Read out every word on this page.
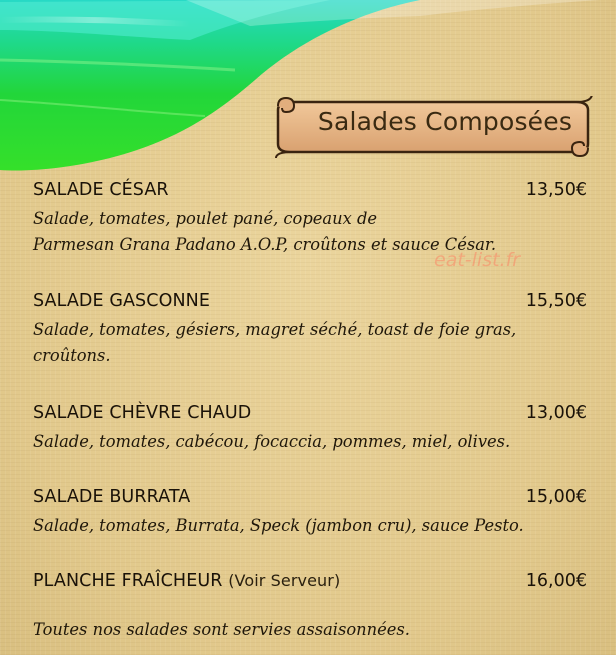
Salades Composées
eat-list.fr
SALADE CÉSAR	13,50€
Salade, tomates, poulet pané, copeaux de
Parmesan Grana Padano A.O.P, croûtons et sauce César.
SALADE GASCONNE	15,50€
Salade, tomates, gésiers, magret séché, toast de foie gras,
croûtons.
SALADE CHÈVRE CHAUD	13,00€
Salade, tomates, cabécou, focaccia, pommes, miel, olives.
SALADE BURRATA	15,00€
Salade, tomates, Burrata, Speck (jambon cru), sauce Pesto.
PLANCHE FRAÎCHEUR (Voir Serveur)	16,00€
Toutes nos salades sont servies assaisonnées.
